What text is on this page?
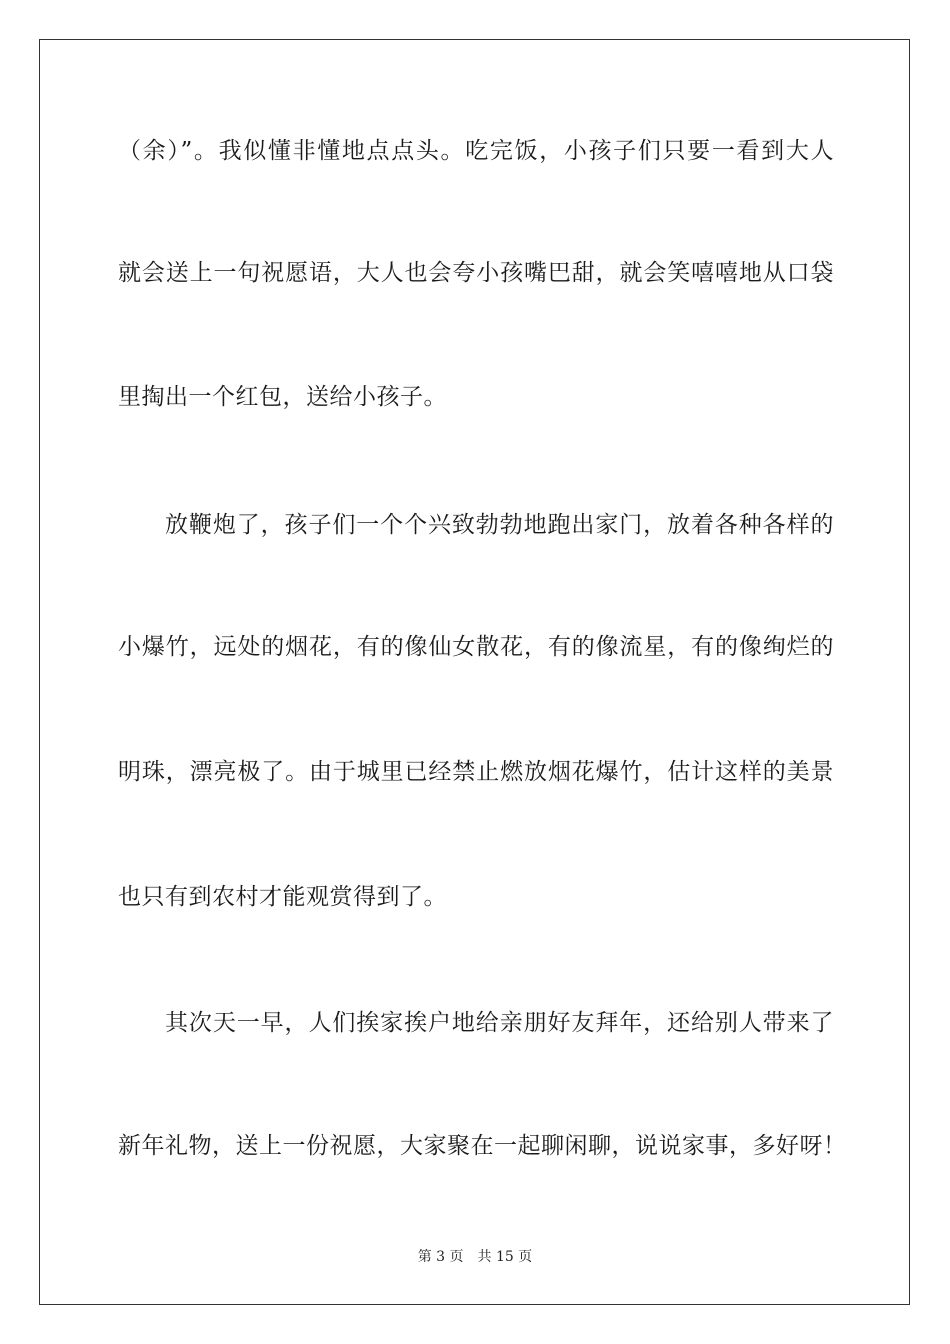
（余）”。我似懂非懂地点点头。吃完饭，小孩子们只要一看到大人
就会送上一句祝愿语，大人也会夸小孩嘴巴甜，就会笑嘻嘻地从口袋
里掏出一个红包，送给小孩子。
放鞭炮了，孩子们一个个兴致勃勃地跑出家门，放着各种各样的
小爆竹，远处的烟花，有的像仙女散花，有的像流星，有的像绚烂的
明珠，漂亮极了。由于城里已经禁止燃放烟花爆竹，估计这样的美景
也只有到农村才能观赏得到了。
其次天一早，人们挨家挨户地给亲朋好友拜年，还给别人带来了
新年礼物，送上一份祝愿，大家聚在一起聊闲聊，说说家事，多好呀！
第 3 页 共 15 页
